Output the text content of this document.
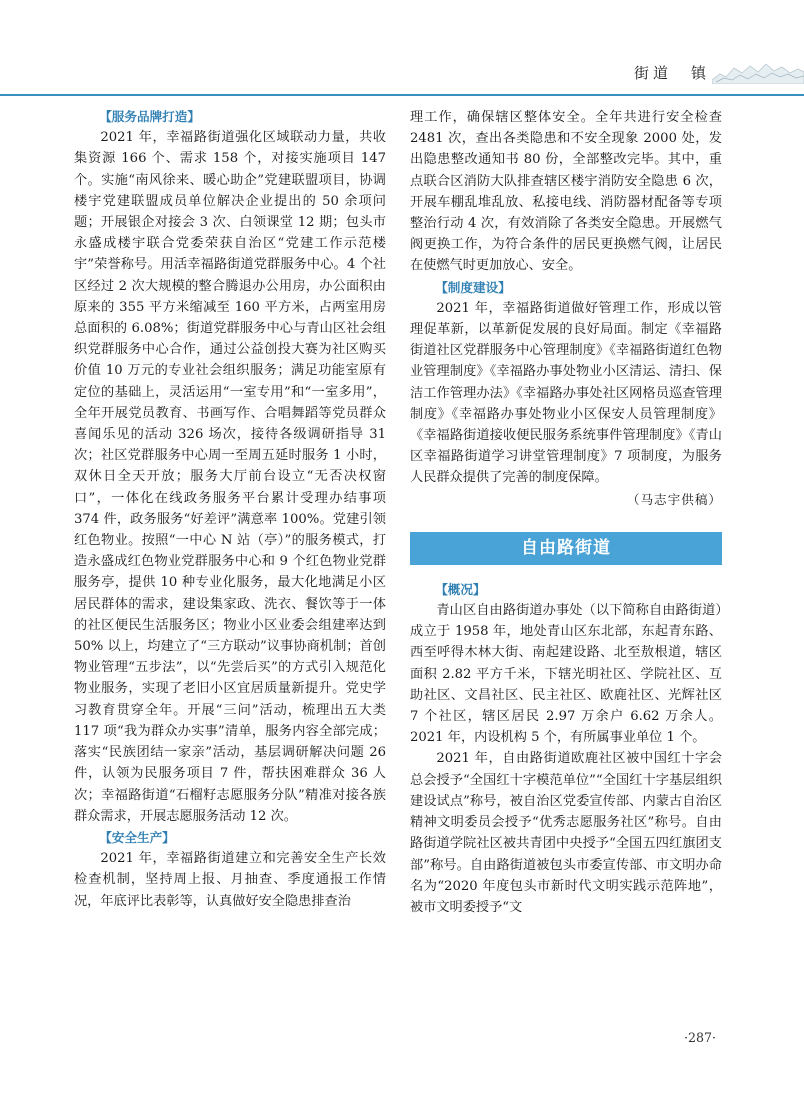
街道　镇

【服务品牌打造】

2021 年，幸福路街道强化区域联动力量，共收集资源 166 个、需求 158 个，对接实施项目 147 个。实施“南风徐来、暖心助企”党建联盟项目，协调楼宇党建联盟成员单位解决企业提出的 50 余项问题；开展银企对接会 3 次、白领课堂 12 期；包头市永盛成楼宇联合党委荣获自治区“党建工作示范楼宇”荣誉称号。用活幸福路街道党群服务中心。4 个社区经过 2 次大规模的整合腾退办公用房，办公面积由原来的 355 平方米缩减至 160 平方米，占两室用房总面积的 6.08%；街道党群服务中心与青山区社会组织党群服务中心合作，通过公益创投大赛为社区购买价值 10 万元的专业社会组织服务；满足功能室原有定位的基础上，灵活运用“一室专用”和“一室多用”，全年开展党员教育、书画写作、合唱舞蹈等党员群众喜闻乐见的活动 326 场次，接待各级调研指导 31 次；社区党群服务中心周一至周五延时服务 1 小时，双休日全天开放；服务大厅前台设立“无否决权窗口”，一体化在线政务服务平台累计受理办结事项 374 件，政务服务“好差评”满意率 100%。党建引领红色物业。按照“一中心 N 站（亭）”的服务模式，打造永盛成红色物业党群服务中心和 9 个红色物业党群服务亭，提供 10 种专业化服务，最大化地满足小区居民群体的需求，建设集家政、洗衣、餐饮等于一体的社区便民生活服务区；物业小区业委会组建率达到 50% 以上，均建立了“三方联动”议事协商机制；首创物业管理“五步法”，以“先尝后买”的方式引入规范化物业服务，实现了老旧小区宜居质量新提升。党史学习教育贯穿全年。开展“三问”活动，梳理出五大类 117 项“我为群众办实事”清单，服务内容全部完成；落实“民族团结一家亲”活动，基层调研解决问题 26 件，认领为民服务项目 7 件，帮扶困难群众 36 人次；幸福路街道“石榴籽志愿服务分队”精准对接各族群众需求，开展志愿服务活动 12 次。

【安全生产】

2021 年，幸福路街道建立和完善安全生产长效检查机制，坚持周上报、月抽查、季度通报工作情况，年底评比表彰等，认真做好安全隐患排查治

理工作，确保辖区整体安全。全年共进行安全检查 2481 次，查出各类隐患和不安全现象 2000 处，发出隐患整改通知书 80 份，全部整改完毕。其中，重点联合区消防大队排查辖区楼宇消防安全隐患 6 次，开展车棚乱堆乱放、私接电线、消防器材配备等专项整治行动 4 次，有效消除了各类安全隐患。开展燃气阀更换工作，为符合条件的居民更换燃气阀，让居民在使燃气时更加放心、安全。

【制度建设】

2021 年，幸福路街道做好管理工作，形成以管理促革新，以革新促发展的良好局面。制定《幸福路街道社区党群服务中心管理制度》《幸福路街道红色物业管理制度》《幸福路办事处物业小区清运、清扫、保洁工作管理办法》《幸福路办事处社区网格员巡查管理制度》《幸福路办事处物业小区保安人员管理制度》《幸福路街道接收便民服务系统事件管理制度》《青山区幸福路街道学习讲堂管理制度》7 项制度，为服务人民群众提供了完善的制度保障。

（马志宇供稿）

自由路街道

【概况】

青山区自由路街道办事处（以下简称自由路街道）成立于 1958 年，地处青山区东北部，东起青东路、西至呼得木林大街、南起建设路、北至敖根道，辖区面积 2.82 平方千米，下辖光明社区、学院社区、互助社区、文昌社区、民主社区、欧鹿社区、光辉社区 7 个社区，辖区居民 2.97 万余户 6.62 万余人。2021 年，内设机构 5 个，有所属事业单位 1 个。

2021 年，自由路街道欧鹿社区被中国红十字会总会授予“全国红十字模范单位”“全国红十字基层组织建设试点”称号，被自治区党委宣传部、内蒙古自治区精神文明委员会授予“优秀志愿服务社区”称号。自由路街道学院社区被共青团中央授予“全国五四红旗团支部”称号。自由路街道被包头市委宣传部、市文明办命名为“2020 年度包头市新时代文明实践示范阵地”，被市文明委授予“文

·287·
